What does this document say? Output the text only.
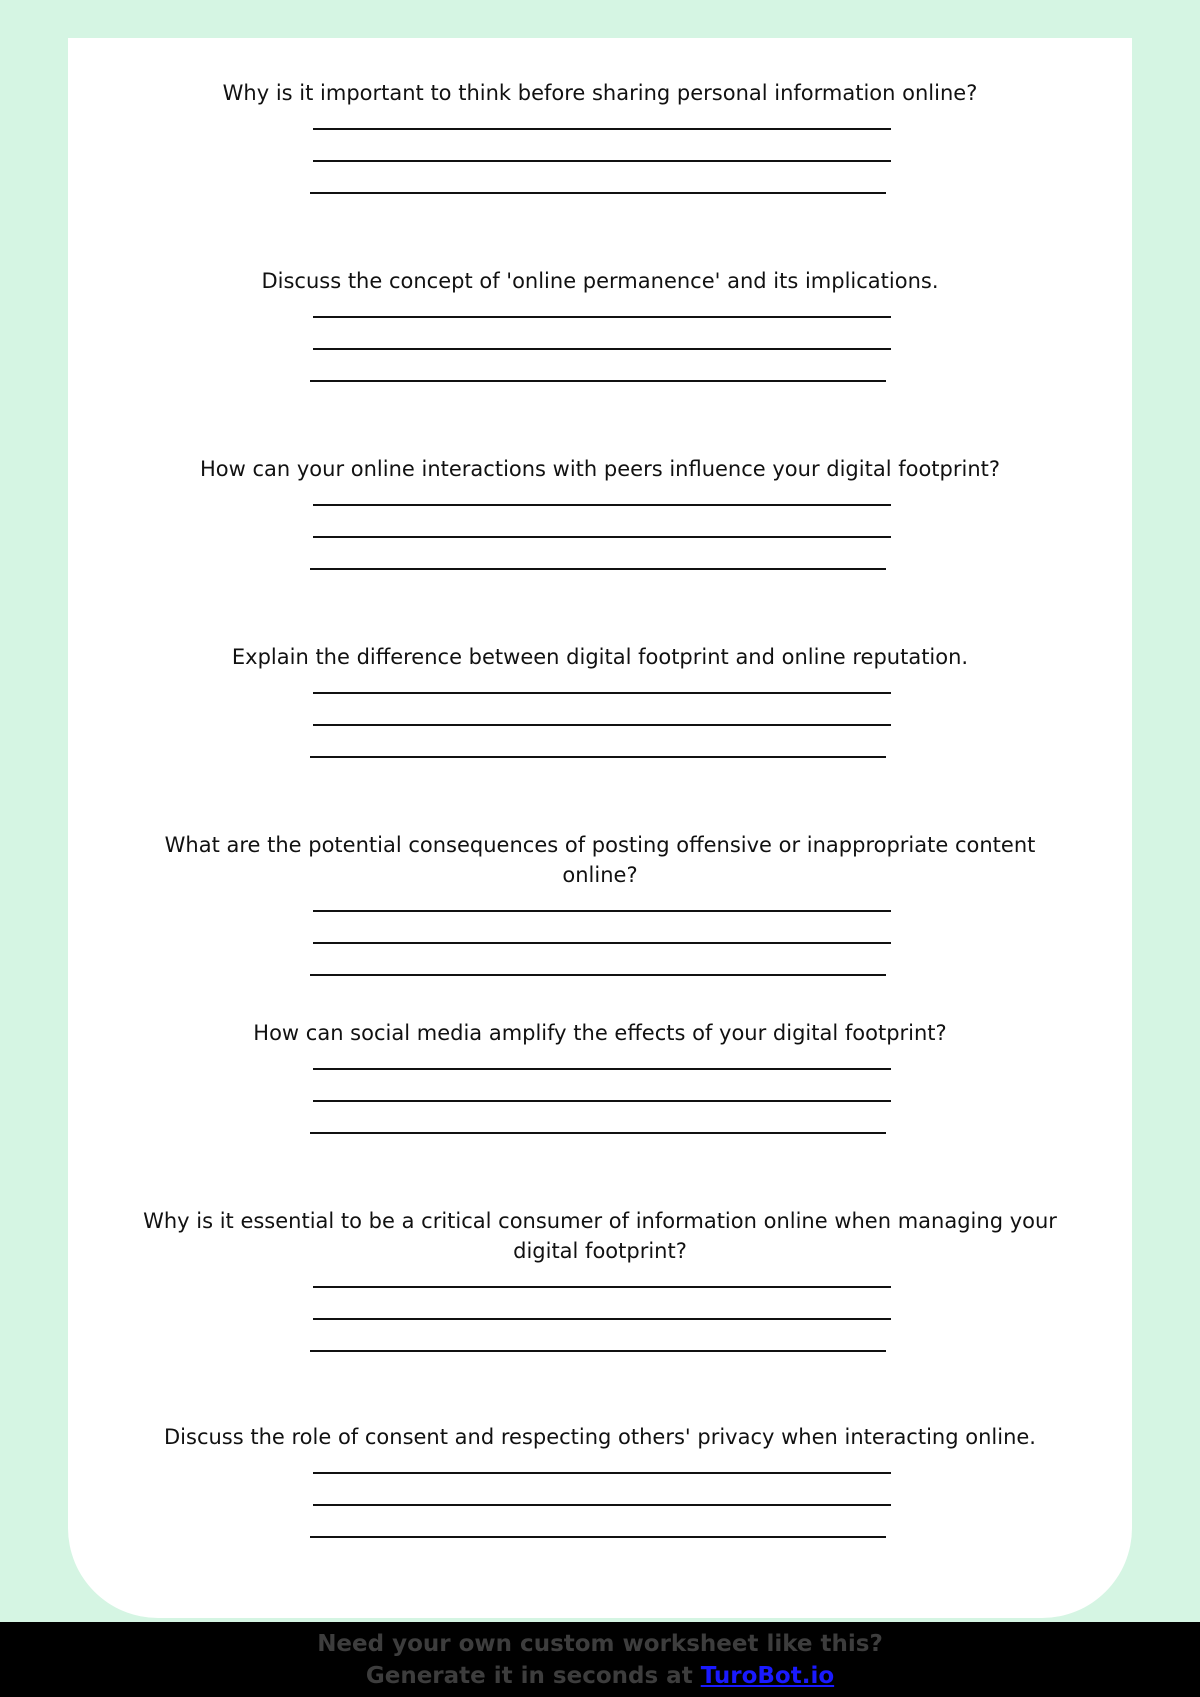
Why is it important to think before sharing personal information online?

Discuss the concept of 'online permanence' and its implications.

How can your online interactions with peers influence your digital footprint?

Explain the difference between digital footprint and online reputation.

What are the potential consequences of posting offensive or inappropriate content online?

How can social media amplify the effects of your digital footprint?

Why is it essential to be a critical consumer of information online when managing your digital footprint?

Discuss the role of consent and respecting others' privacy when interacting online.

Need your own custom worksheet like this?
Generate it in seconds at TuroBot.io
